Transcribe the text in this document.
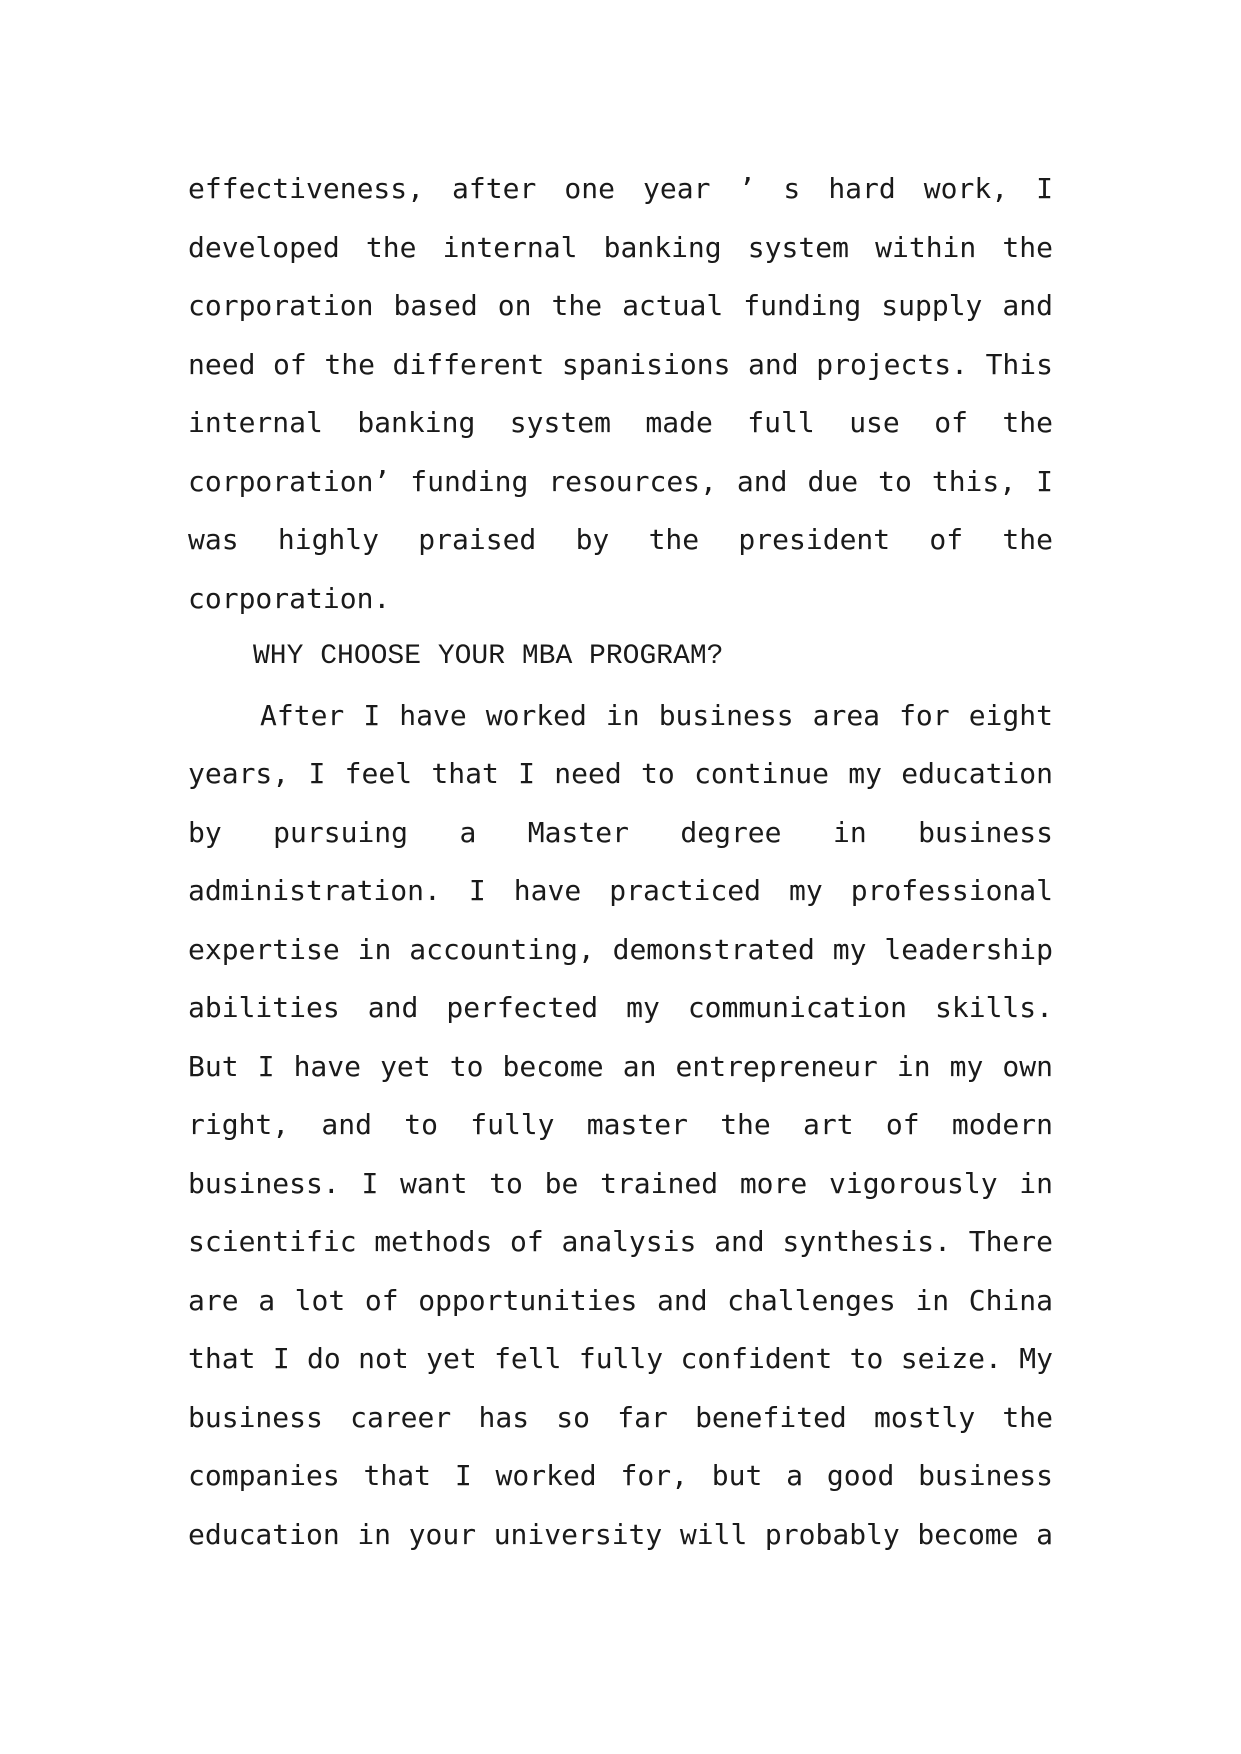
effectiveness, after one year ’ s hard work, I
developed the internal banking system within the
corporation based on the actual funding supply and
need of the different spanisions and projects. This
internal banking system made full use of the
corporation’ funding resources, and due to this, I
was highly praised by the president of the
corporation.
WHY CHOOSE YOUR MBA PROGRAM?
After I have worked in business area for eight
years, I feel that I need to continue my education
by pursuing a Master degree in business
administration. I have practiced my professional
expertise in accounting, demonstrated my leadership
abilities and perfected my communication skills.
But I have yet to become an entrepreneur in my own
right, and to fully master the art of modern
business. I want to be trained more vigorously in
scientific methods of analysis and synthesis. There
are a lot of opportunities and challenges in China
that I do not yet fell fully confident to seize. My
business career has so far benefited mostly the
companies that I worked for, but a good business
education in your university will probably become a
